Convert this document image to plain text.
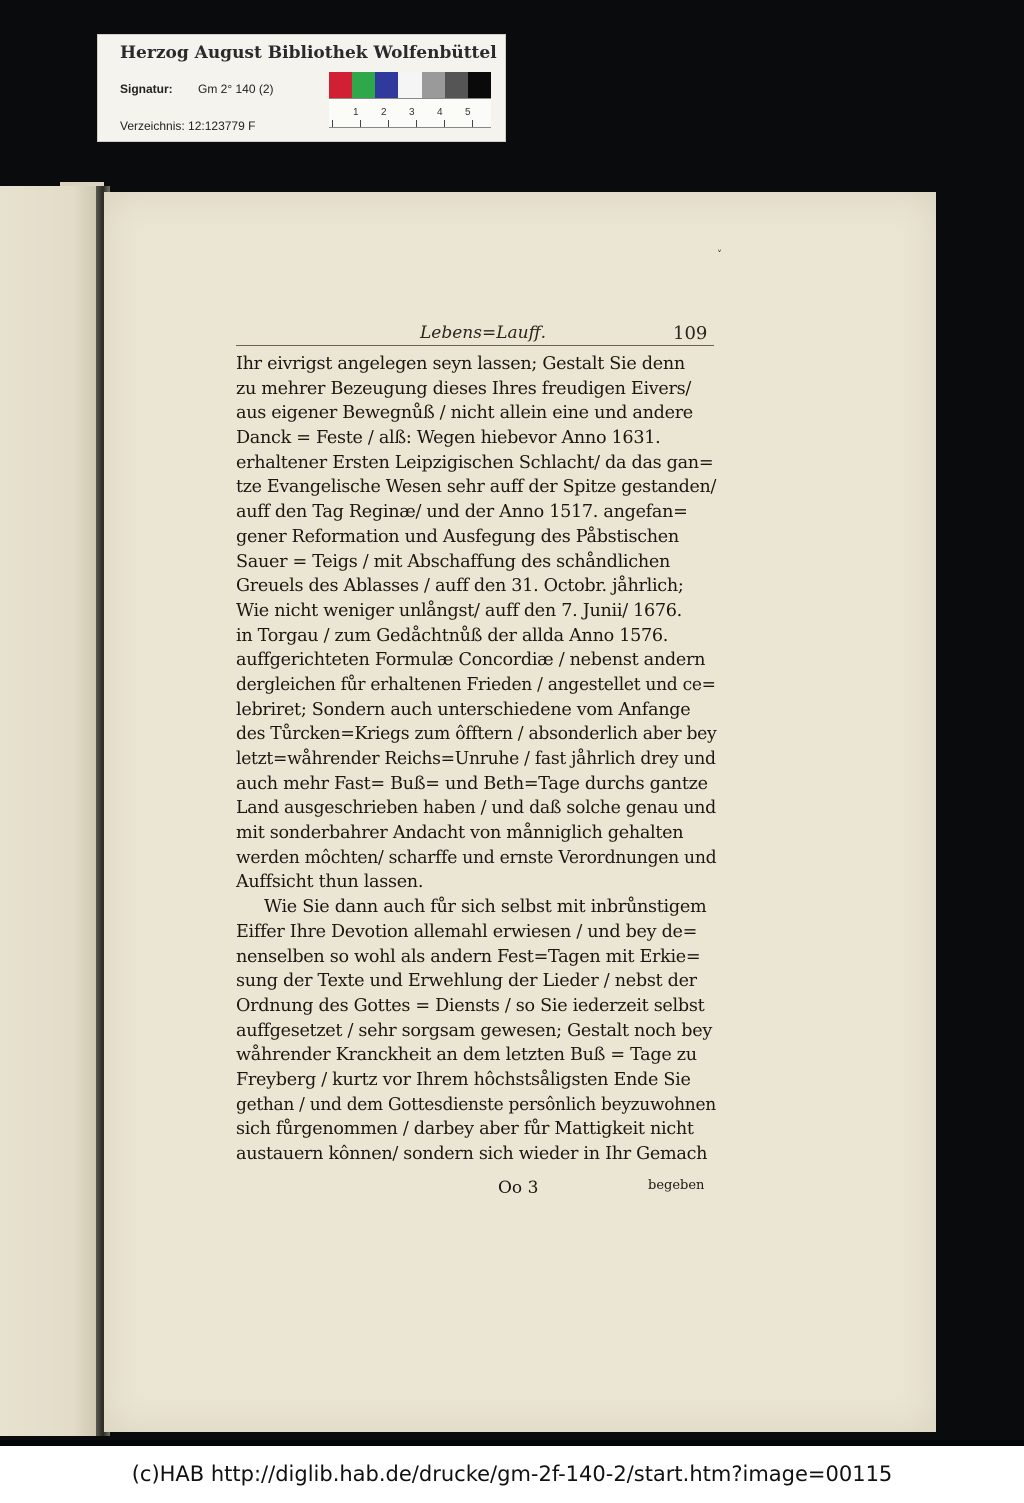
Herzog August Bibliothek Wolfenbüttel
Signatur: Gm 2° 140 (2)
Verzeichnis: 12:123779 F
1 2 3 4 5
Lebens=Lauff.	109
˅
Ihr eivrigst angelegen seyn lassen; Gestalt Sie denn
zu mehrer Bezeugung dieses Ihres freudigen Eivers/
aus eigener Bewegnůß / nicht allein eine und andere
Danck = Feste / alß: Wegen hiebevor Anno 1631.
erhaltener Ersten Leipzigischen Schlacht/ da das gan=
tze Evangelische Wesen sehr auff der Spitze gestanden/
auff den Tag Reginæ/ und der Anno 1517. angefan=
gener Reformation und Ausfegung des Påbstischen
Sauer = Teigs / mit Abschaffung des schåndlichen
Greuels des Ablasses / auff den 31. Octobr. jåhrlich;
Wie nicht weniger unlångst/ auff den 7. Junii/ 1676.
in Torgau / zum Gedåchtnůß der allda Anno 1576.
auffgerichteten Formulæ Concordiæ / nebenst andern
dergleichen fůr erhaltenen Frieden / angestellet und ce=
lebriret; Sondern auch unterschiedene vom Anfange
des Tůrcken=Kriegs zum ôfftern / absonderlich aber bey
letzt=wåhrender Reichs=Unruhe / fast jåhrlich drey und
auch mehr Fast= Buß= und Beth=Tage durchs gantze
Land ausgeschrieben haben / und daß solche genau und
mit sonderbahrer Andacht von månniglich gehalten
werden môchten/ scharffe und ernste Verordnungen und
Auffsicht thun lassen.
Wie Sie dann auch fůr sich selbst mit inbrůnstigem
Eiffer Ihre Devotion allemahl erwiesen / und bey de=
nenselben so wohl als andern Fest=Tagen mit Erkie=
sung der Texte und Erwehlung der Lieder / nebst der
Ordnung des Gottes = Diensts / so Sie iederzeit selbst
auffgesetzet / sehr sorgsam gewesen; Gestalt noch bey
wåhrender Kranckheit an dem letzten Buß = Tage zu
Freyberg / kurtz vor Ihrem hôchstsåligsten Ende Sie
gethan / und dem Gottesdienste persônlich beyzuwohnen
sich fůrgenommen / darbey aber fůr Mattigkeit nicht
austauern kônnen/ sondern sich wieder in Ihr Gemach
Oo 3	begeben
(c)HAB http://diglib.hab.de/drucke/gm-2f-140-2/start.htm?image=00115
